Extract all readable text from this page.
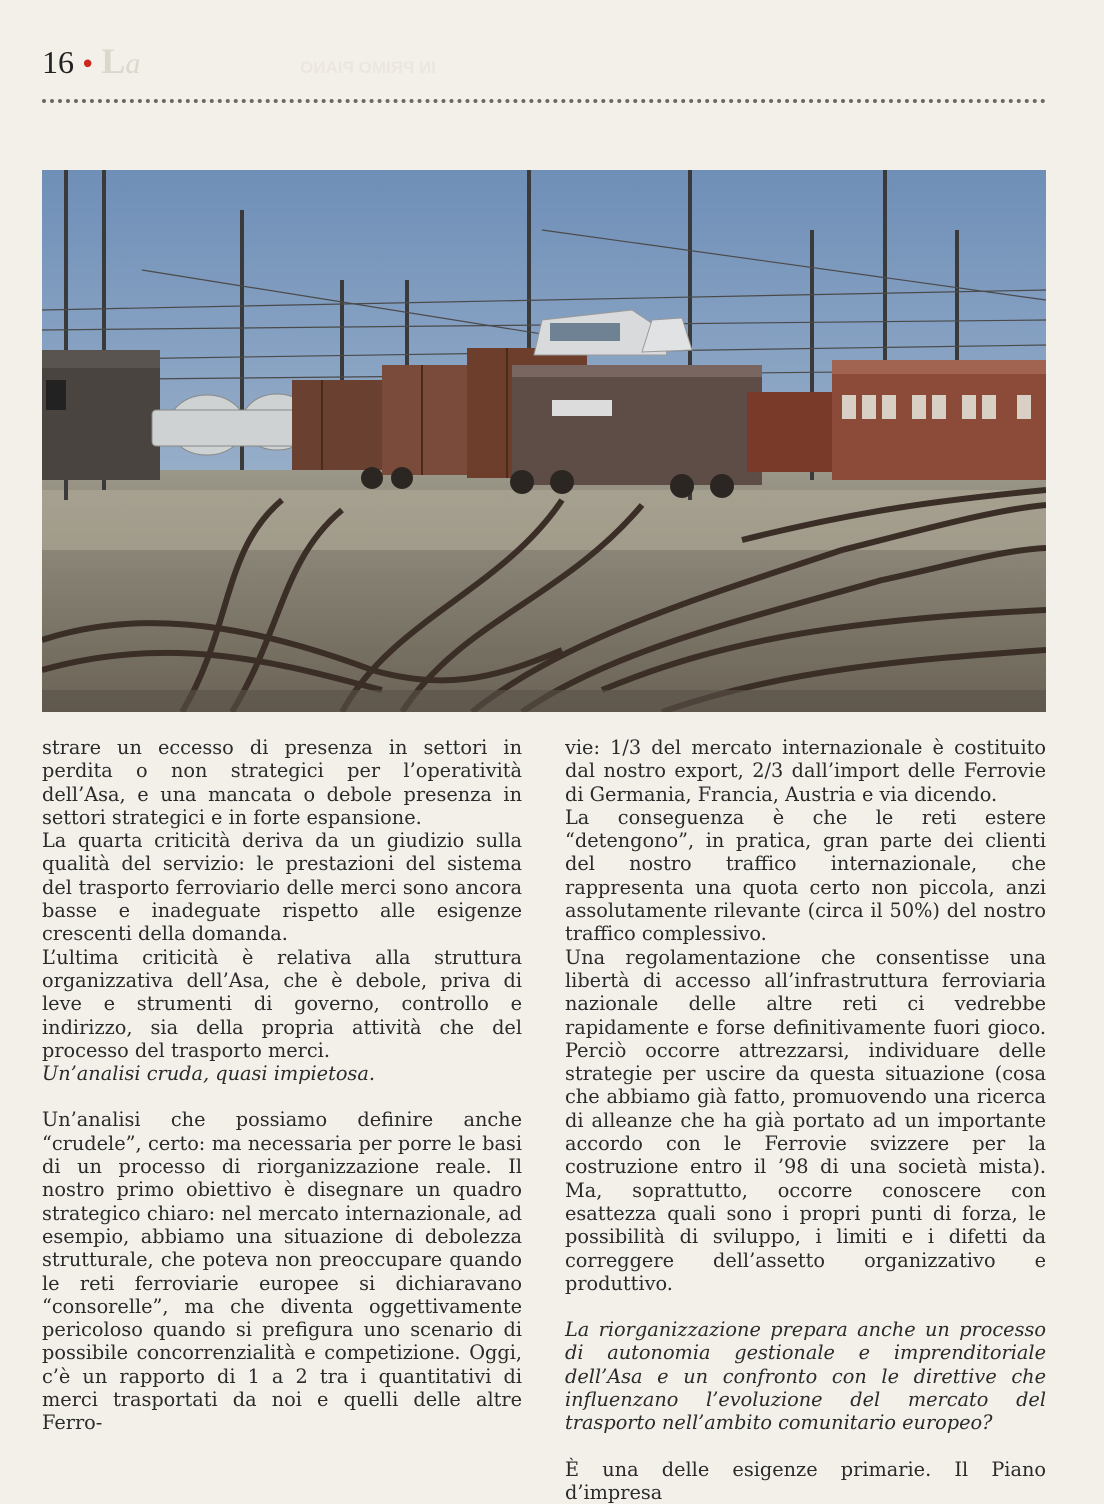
16 • La	IN PRIMO PIANO

strare un eccesso di presenza in settori in perdita o non strategici per l’operatività dell’Asa, e una mancata o debole presenza in settori strategici e in forte espansione.

La quarta criticità deriva da un giudizio sulla qualità del servizio: le prestazioni del sistema del trasporto ferroviario delle merci sono ancora basse e inadeguate rispetto alle esigenze crescenti della domanda.

L’ultima criticità è relativa alla struttura organizzativa dell’Asa, che è debole, priva di leve e strumenti di governo, controllo e indirizzo, sia della propria attività che del processo del trasporto merci.

Un’analisi cruda, quasi impietosa.

Un’analisi che possiamo definire anche “crudele”, certo: ma necessaria per porre le basi di un processo di riorganizzazione reale. Il nostro primo obiettivo è disegnare un quadro strategico chiaro: nel mercato internazionale, ad esempio, abbiamo una situazione di debolezza strutturale, che poteva non preoccupare quando le reti ferroviarie europee si dichiaravano “consorelle”, ma che diventa oggettivamente pericoloso quando si prefigura uno scenario di possibile concorrenzialità e competizione. Oggi, c’è un rapporto di 1 a 2 tra i quantitativi di merci trasportati da noi e quelli delle altre Ferro-

vie: 1/3 del mercato internazionale è costituito dal nostro export, 2/3 dall’import delle Ferrovie di Germania, Francia, Austria e via dicendo.

La conseguenza è che le reti estere “detengono”, in pratica, gran parte dei clienti del nostro traffico internazionale, che rappresenta una quota certo non piccola, anzi assolutamente rilevante (circa il 50%) del nostro traffico complessivo.

Una regolamentazione che consentisse una libertà di accesso all’infrastruttura ferroviaria nazionale delle altre reti ci vedrebbe rapidamente e forse definitivamente fuori gioco. Perciò occorre attrezzarsi, individuare delle strategie per uscire da questa situazione (cosa che abbiamo già fatto, promuovendo una ricerca di alleanze che ha già portato ad un importante accordo con le Ferrovie svizzere per la costruzione entro il ’98 di una società mista). Ma, soprattutto, occorre conoscere con esattezza quali sono i propri punti di forza, le possibilità di sviluppo, i limiti e i difetti da correggere dell’assetto organizzativo e produttivo.

La riorganizzazione prepara anche un processo di autonomia gestionale e imprenditoriale dell’Asa e un confronto con le direttive che influenzano l’evoluzione del mercato del trasporto nell’ambito comunitario europeo?

È una delle esigenze primarie. Il Piano d’impresa
